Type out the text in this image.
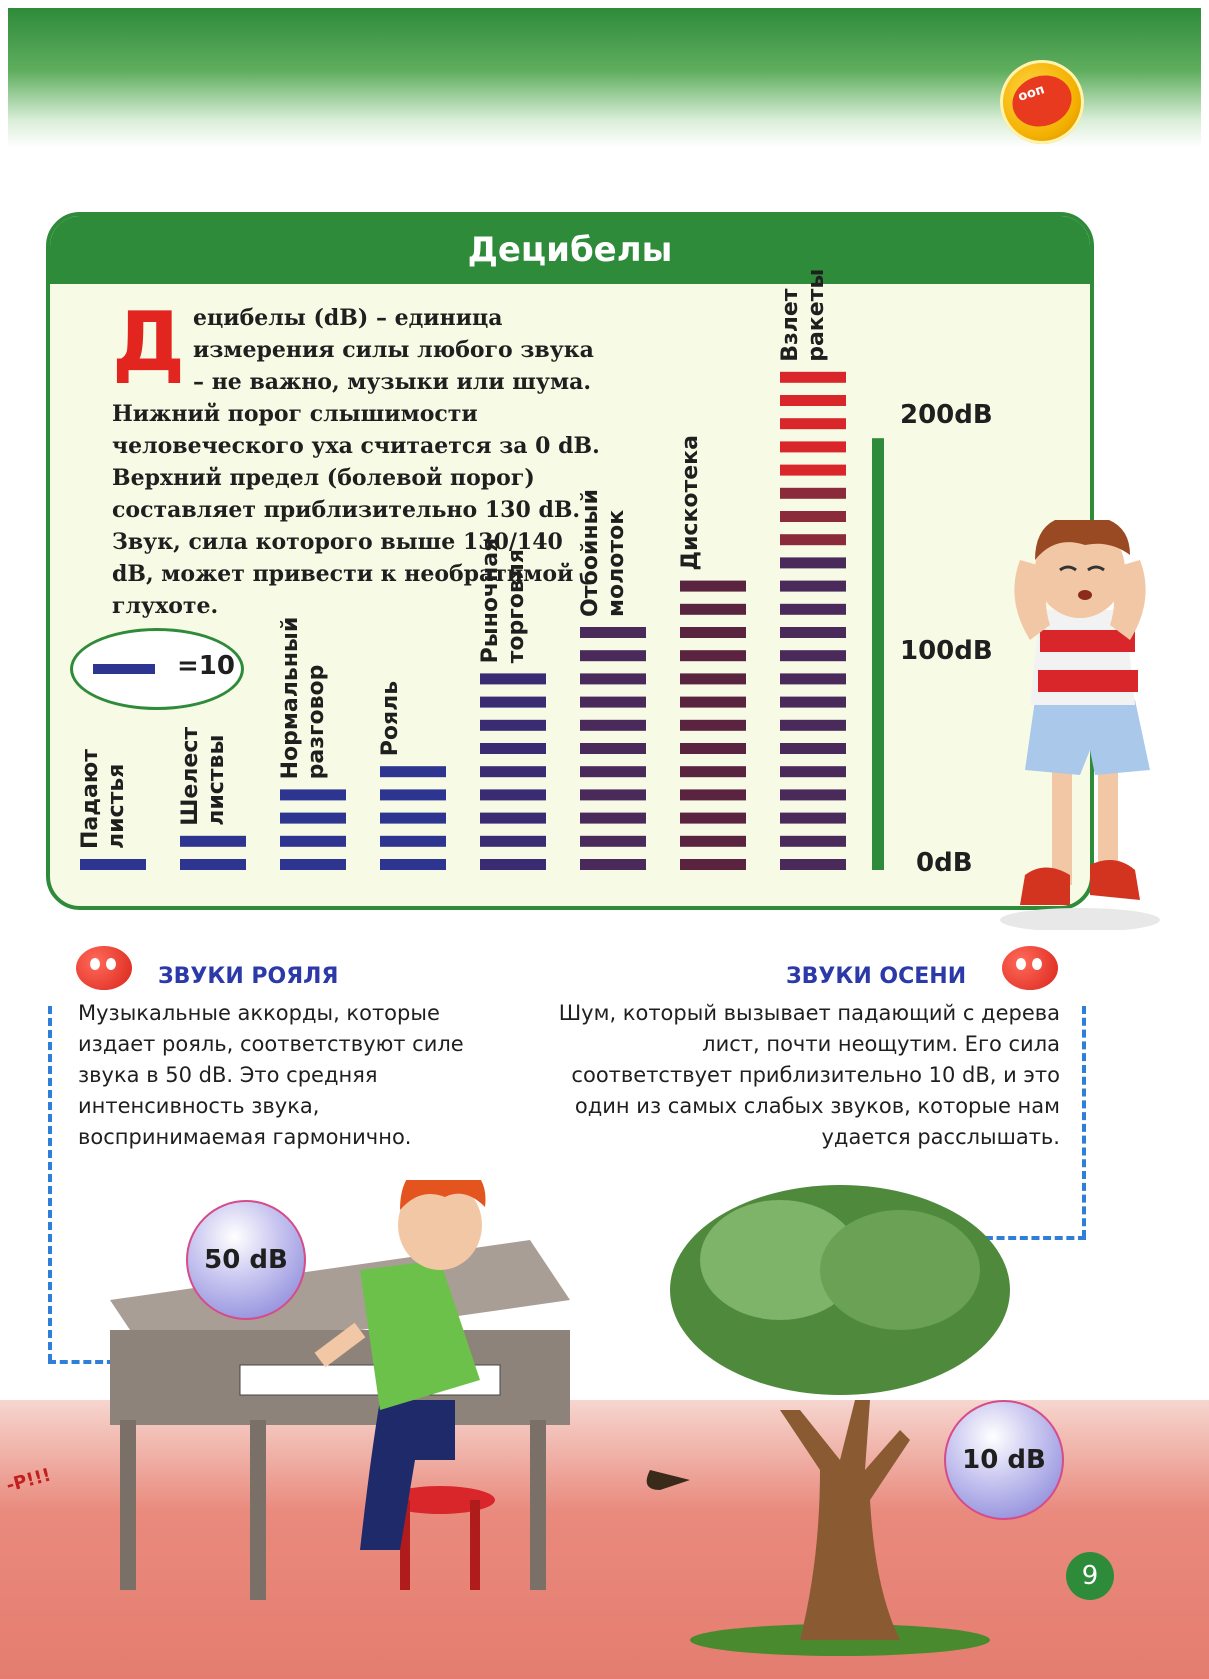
ооп
Децибелы
Д ецибелы (dB) – единица измерения силы любого звука – не важно, музыки или шума. Нижний порог слышимости человеческого уха считается за 0 dB. Верхний предел (болевой порог) составляет приблизительно 130 dB. Звук, сила которого выше 130/140 dB, может привести к необратимой глухоте.
=10
Падаютлистья Шелестлиствы
Нормальныйразговор Рояль
Рыночнаяторговля Отбойныймолоток Дискотека
Взлетракеты
200dB
100dB
0dB
ЗВУКИ РОЯЛЯ
Музыкальные аккорды, которые издает рояль, соответствуют силе звука в 50 dB. Это средняя интенсивность звука, воспринимаемая гармонично.
ЗВУКИ ОСЕНИ
Шум, который вызывает падающий с дерева лист, почти неощутим. Его сила соответствует приблизительно 10 dB, и это один из самых слабых звуков, которые нам удается расслышать.
50 dB
10 dB
9
-P!!!
